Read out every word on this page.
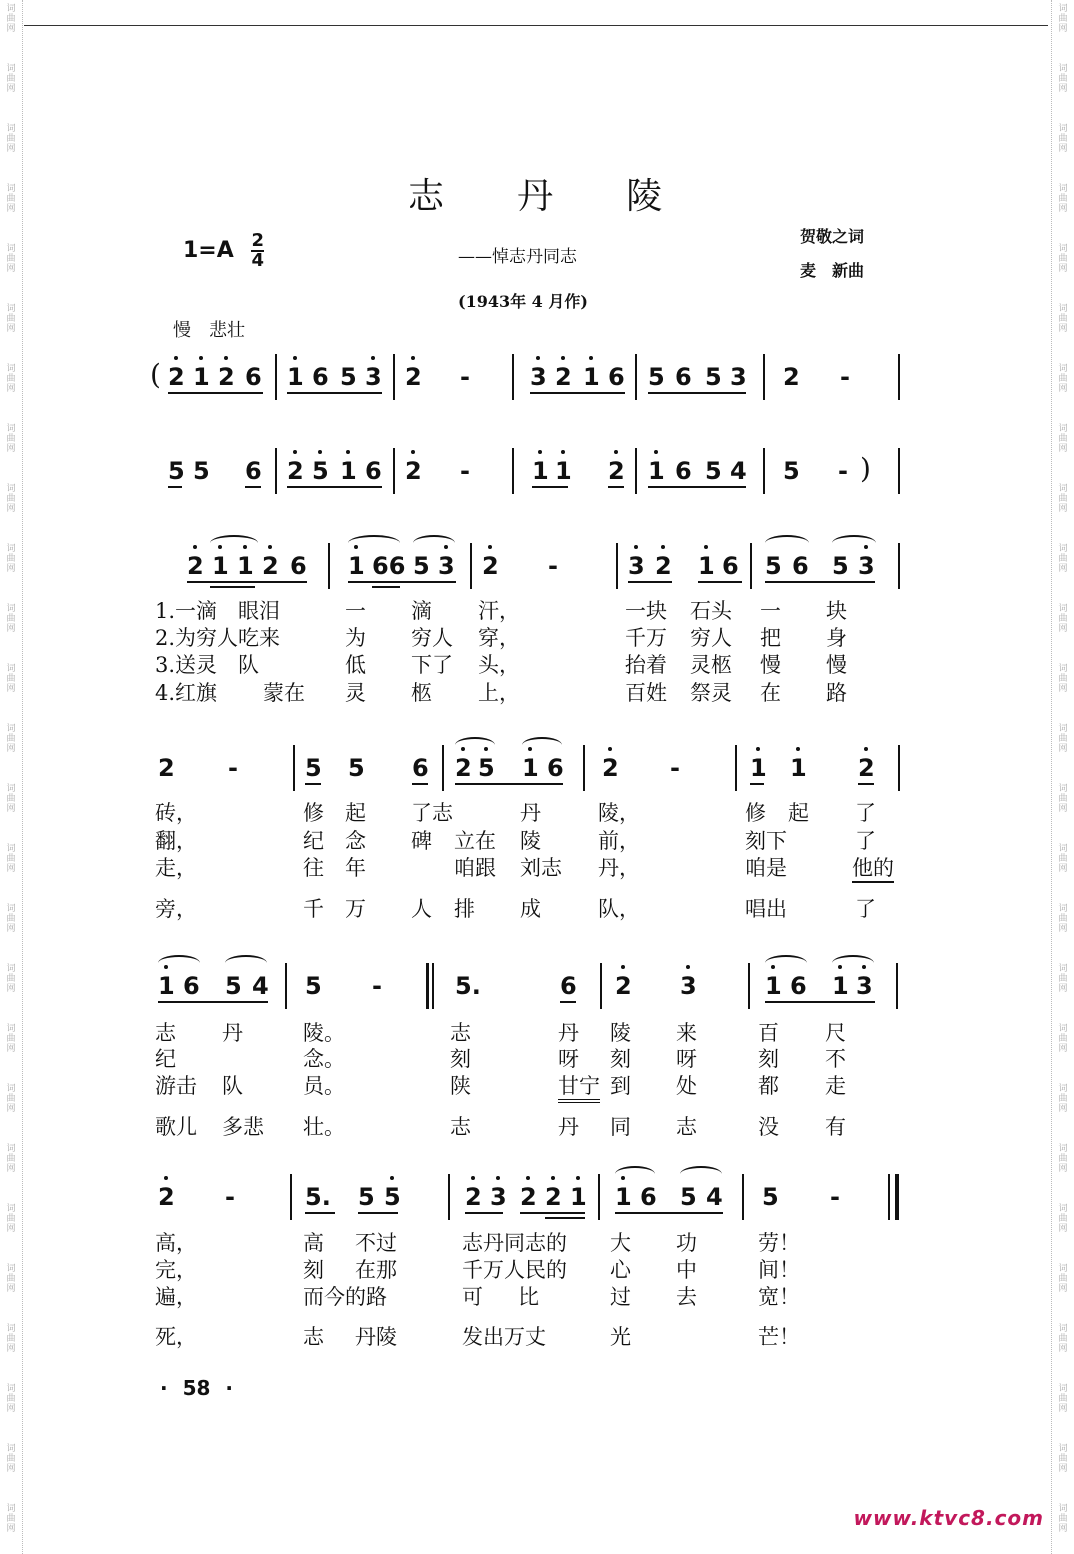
词
曲
网
词
曲
网
词
曲
网
词
曲
网
词
曲
网
词
曲
网
词
曲
网
词
曲
网
词
曲
网
词
曲
网
词
曲
网
词
曲
网
词
曲
网
词
曲
网
词
曲
网
词
曲
网
词
曲
网
词
曲
网
词
曲
网
词
曲
网
词
曲
网
词
曲
网
词
曲
网
词
曲
网
词
曲
网
词
曲
网
词
曲
网
词
曲
网
词
曲
网
词
曲
网
词
曲
网
词
曲
网
词
曲
网
词
曲
网
词
曲
网
词
曲
网
词
曲
网
词
曲
网
词
曲
网
词
曲
网
词
曲
网
词
曲
网
词
曲
网
词
曲
网
词
曲
网
词
曲
网
词
曲
网
词
曲
网
词
曲
网
词
曲
网
词
曲
网
词
曲
网
志 丹 陵
$1=A \frac{2}{4}$	——悼志丹同志
贺敬之词
麦　新曲
(1943年 4 月作)
慢　悲壮
( 2 1 2 6 1 6 5 3 2 -	3 2 1 6 5 6 5 3 2 -
5 5 6 2 5 1 6 2 -	1 1 2 1 6 5 4 5 - )
2 1 1 2 6 1 66 5 3 2 -	3 2 1 6 5 6 5 3
1.一滴 眼泪	一 滴 汗，	一块 石头 一 块
2.为穷人吃来	为 穷人 穿，	千万 穷人 把 身
3.送灵 队	低 下了 头，	抬着 灵柩 慢 慢
4.红旗 蒙在 灵 柩 上，	百姓 祭灵 在 路
2 -	5 5 6 2 5 1 6 2 -	1 1 2
砖，	修 起 了志	丹	陵，	修 起 了
翻，	纪 念 碑 立在 陵	前，	刻下	了
走，	往 年	咱跟 刘志 丹，	咱是	他的
旁，	千 万 人 排 成	队，	唱出	了
1 6 5 4 5 -	5.	6 2 3	1 6 1 3
志 丹	陵。	志	丹 陵 来	百 尺
纪	念。	刻	呀 刻 呀	刻 不
游击 队	员。	陕	甘宁 到 处	都 走
歌儿 多悲 壮。	志	丹 同 志	没 有
2 -	5. 5 5	2 3 2 2 1 1 6 5 4 5 -
高，	高 不过	志丹同志的 大 功	劳！
完，	刻 在那	千万人民的 心 中	间！
遍，	而今的路	可 比	过 去	宽！
死，	志 丹陵	发出万丈	光	芒！
· 58 ·
www.ktvc8.com
